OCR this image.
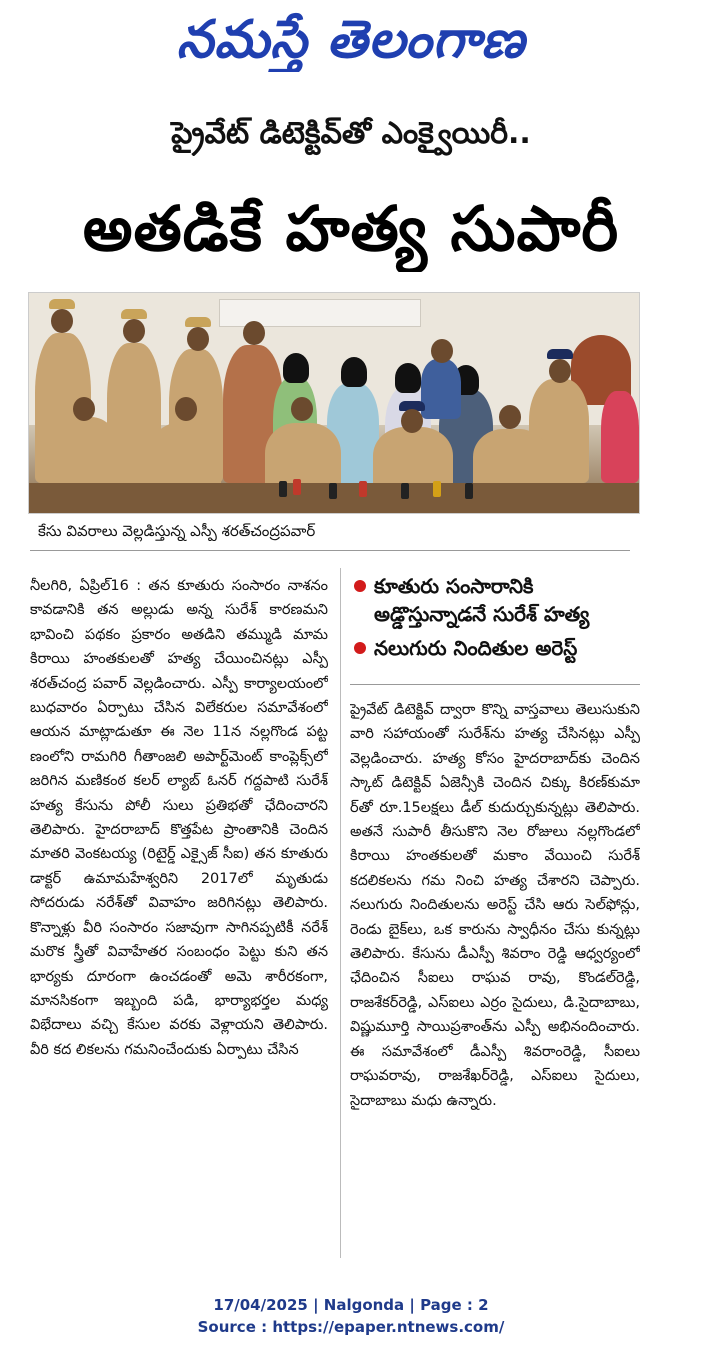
నమస్తే తెలంగాణ
ప్రైవేట్ డిటెక్టివ్‌తో ఎంక్వైయిరీ..
అతడికే హత్య సుపారీ
కేసు వివరాలు వెల్లడిస్తున్న ఎస్పీ శరత్‌చంద్రపవార్
నీలగిరి, ఏప్రిల్16 : తన కూతురు సంసారం నాశనం కావడానికి తన అల్లుడు అన్న సురేశ్ కారణమని భావించి పథకం ప్రకారం అతడిని తమ్ముడి మామ కిరాయి హంతకులతో హత్య చేయించినట్లు ఎస్పీ శరత్‌చంద్ర పవార్ వెల్లడించారు. ఎస్పీ కార్యాలయంలో బుధవారం ఏర్పాటు చేసిన విలేకరుల సమావేశంలో ఆయన మాట్లాడుతూ ఈ నెల 11న నల్లగొండ పట్ట ణంలోని రామగిరి గీతాంజలి అపార్ట్‌మెంట్ కాంప్లెక్స్‌లో జరిగిన మణికంఠ కలర్ ల్యాబ్ ఓనర్ గద్దపాటి సురేశ్ హత్య కేసును పోలీ సులు ప్రతిభతో ఛేదించారని తెలిపారు. హైదరాబాద్ కొత్తపేట ప్రాంతానికి చెందిన మాతరి వెంకటయ్య (రిటైర్డ్ ఎక్సైజ్ సీఐ) తన కూతురు డాక్టర్ ఉమామహేశ్వరిని 2017లో మృతుడు సోదరుడు నరేశ్‌తో వివాహం జరిగినట్లు తెలిపారు. కొన్నాళ్లు వీరి సంసారం సజావుగా సాగినప్పటికీ నరేశ్ మరొక స్త్రీతో వివాహేతర సంబంధం పెట్టు కుని తన భార్యకు దూరంగా ఉంచడంతో అమె శారీరకంగా, మానసికంగా ఇబ్బంది పడి, భార్యాభర్తల మధ్య విభేదాలు వచ్చి కేసుల వరకు వెళ్లాయని తెలిపారు. వీరి కద లికలను గమనించేందుకు ఏర్పాటు చేసిన
కూతురు సంసారానికి అడ్డొస్తున్నాడనే సురేశ్ హత్య
నలుగురు నిందితుల అరెస్ట్
ప్రైవేట్ డిటెక్టివ్ ద్వారా కొన్ని వాస్తవాలు తెలుసుకుని వారి సహాయంతో సురేశ్‌ను హత్య చేసినట్లు ఎస్పీ వెల్లడించారు. హత్య కోసం హైదరాబాద్‌కు చెందిన స్కాట్ డిటెక్టివ్ ఏజెన్సీకి చెందిన చిక్కు కిరణ్‌కుమా ర్‌తో రూ.15లక్షలు డీల్ కుదుర్చుకున్నట్లు తెలిపారు. అతనే సుపారీ తీసుకొని నెల రోజులు నల్లగొండలో కిరాయి హంతకులతో మకాం వేయించి సురేశ్ కదలికలను గమ నించి హత్య చేశారని చెప్పారు. నలుగురు నిందితులను అరెస్ట్ చేసి ఆరు సెల్‌ఫోన్లు, రెండు బైక్‌లు, ఒక కారును స్వాధీనం చేసు కున్నట్లు తెలిపారు. కేసును డీఎస్పీ శివరాం రెడ్డి ఆధ్వర్యంలో ఛేదించిన సీఐలు రాఘవ రావు, కొండల్‌రెడ్డి, రాజశేకర్‌రెడ్డి, ఎస్ఐలు ఎర్రం సైదులు, డి.సైదాబాబు, విష్ణుమూర్తి సాయిప్రశాంత్‌ను ఎస్పీ అభినందించారు. ఈ సమావేశంలో డీఎస్పీ శివరాంరెడ్డి, సీఐలు రాఘవరావు, రాజశేఖర్‌రెడ్డి, ఎస్ఐలు సైదులు, సైదాబాబు మధు ఉన్నారు.
17/04/2025 | Nalgonda | Page : 2
Source : https://epaper.ntnews.com/
